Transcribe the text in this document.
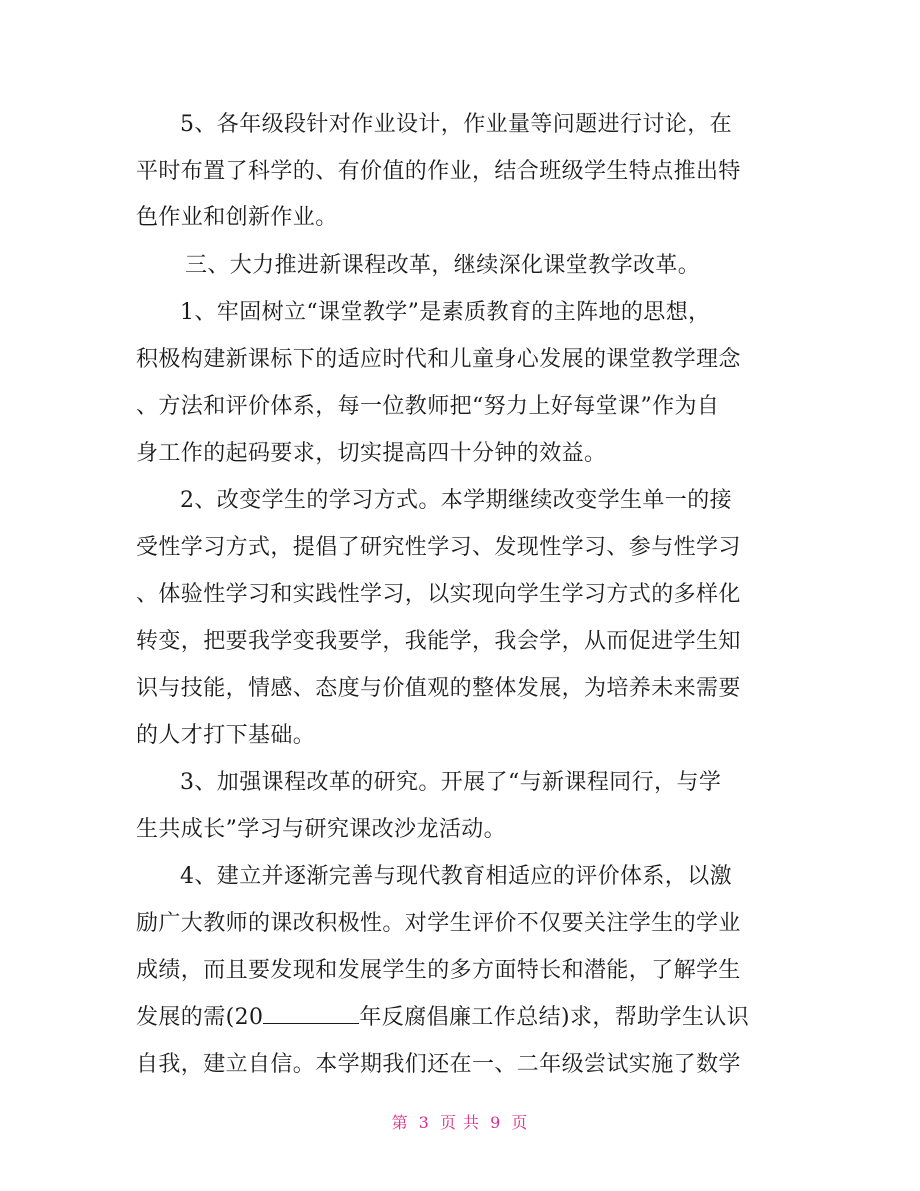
5、各年级段针对作业设计，作业量等问题进行讨论，在
平时布置了科学的、有价值的作业，结合班级学生特点推出特
色作业和创新作业。
三、大力推进新课程改革，继续深化课堂教学改革。
1、牢固树立“课堂教学”是素质教育的主阵地的思想，
积极构建新课标下的适应时代和儿童身心发展的课堂教学理念
、方法和评价体系，每一位教师把“努力上好每堂课”作为自
身工作的起码要求，切实提高四十分钟的效益。
2、改变学生的学习方式。本学期继续改变学生单一的接
受性学习方式，提倡了研究性学习、发现性学习、参与性学习
、体验性学习和实践性学习，以实现向学生学习方式的多样化
转变，把要我学变我要学，我能学，我会学，从而促进学生知
识与技能，情感、态度与价值观的整体发展，为培养未来需要
的人才打下基础。
3、加强课程改革的研究。开展了“与新课程同行，与学
生共成长”学习与研究课改沙龙活动。
4、建立并逐渐完善与现代教育相适应的评价体系，以激
励广大教师的课改积极性。对学生评价不仅要关注学生的学业
成绩，而且要发现和发展学生的多方面特长和潜能，了解学生
发展的需(20	年反腐倡廉工作总结)求，帮助学生认识
自我，建立自信。本学期我们还在一、二年级尝试实施了数学
第 3 页 共 9 页
